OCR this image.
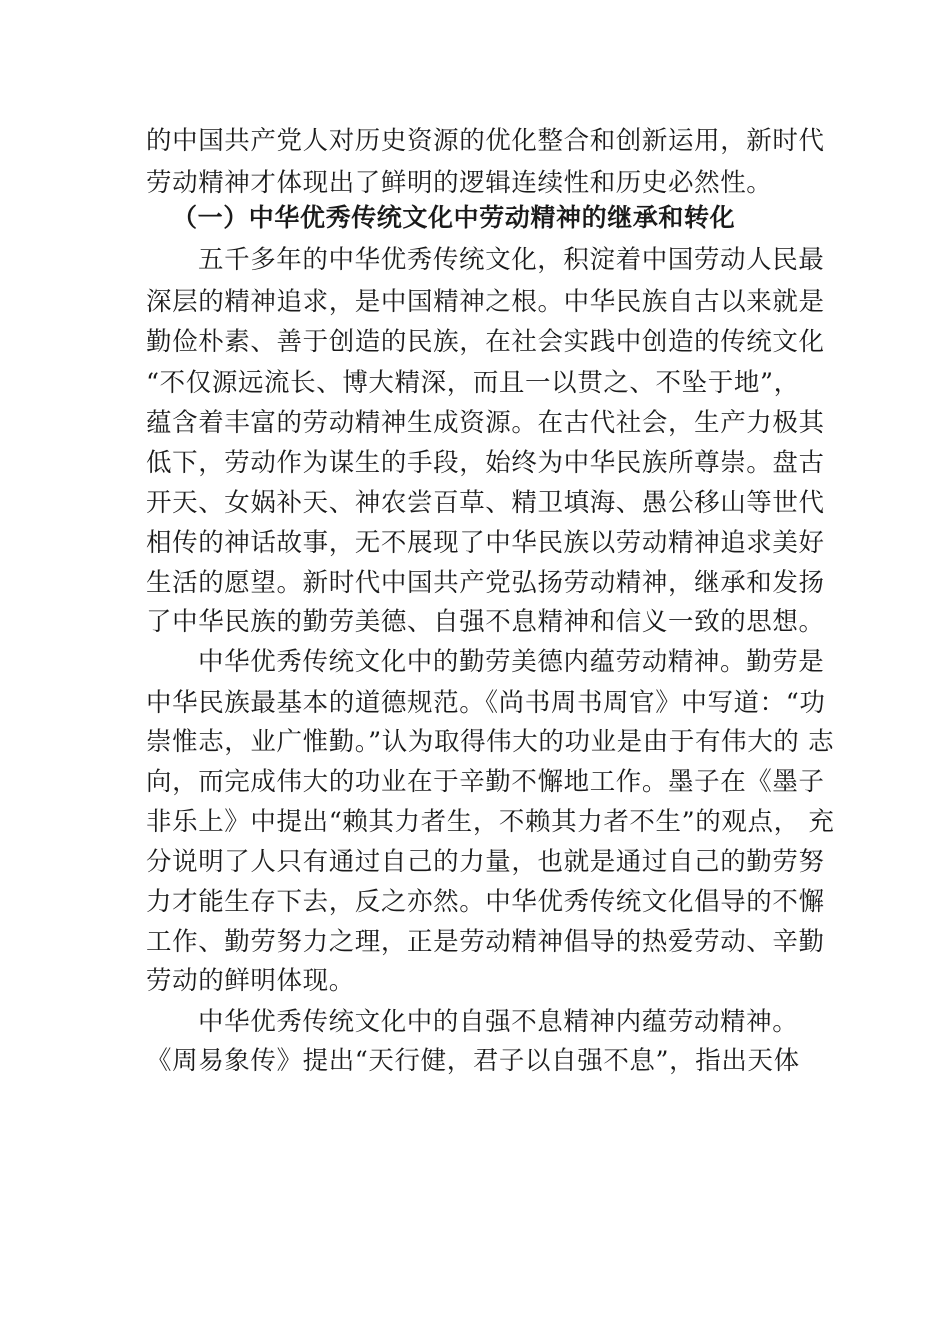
的中国共产党人对历史资源的优化整合和创新运用，新时代
劳动精神才体现出了鲜明的逻辑连续性和历史必然性。
（一）中华优秀传统文化中劳动精神的继承和转化
五千多年的中华优秀传统文化，积淀着中国劳动人民最
深层的精神追求，是中国精神之根。中华民族自古以来就是
勤俭朴素、善于创造的民族，在社会实践中创造的传统文化
“不仅源远流长、博大精深，而且一以贯之、不坠于地”，
蕴含着丰富的劳动精神生成资源。在古代社会，生产力极其
低下，劳动作为谋生的手段，始终为中华民族所尊崇。盘古
开天、女娲补天、神农尝百草、精卫填海、愚公移山等世代
相传的神话故事，无不展现了中华民族以劳动精神追求美好
生活的愿望。新时代中国共产党弘扬劳动精神，继承和发扬
了中华民族的勤劳美德、自强不息精神和信义一致的思想。
中华优秀传统文化中的勤劳美德内蕴劳动精神。勤劳是
中华民族最基本的道德规范。《尚书周书周官》中写道：“功
崇惟志，业广惟勤。”认为取得伟大的功业是由于有伟大的 志
向，而完成伟大的功业在于辛勤不懈地工作。墨子在《墨子
非乐上》中提出“赖其力者生，不赖其力者不生”的观点， 充
分说明了人只有通过自己的力量，也就是通过自己的勤劳努
力才能生存下去，反之亦然。中华优秀传统文化倡导的不懈
工作、勤劳努力之理，正是劳动精神倡导的热爱劳动、辛勤
劳动的鲜明体现。
中华优秀传统文化中的自强不息精神内蕴劳动精神。
《周易象传》提出“天行健，君子以自强不息”，指出天体
